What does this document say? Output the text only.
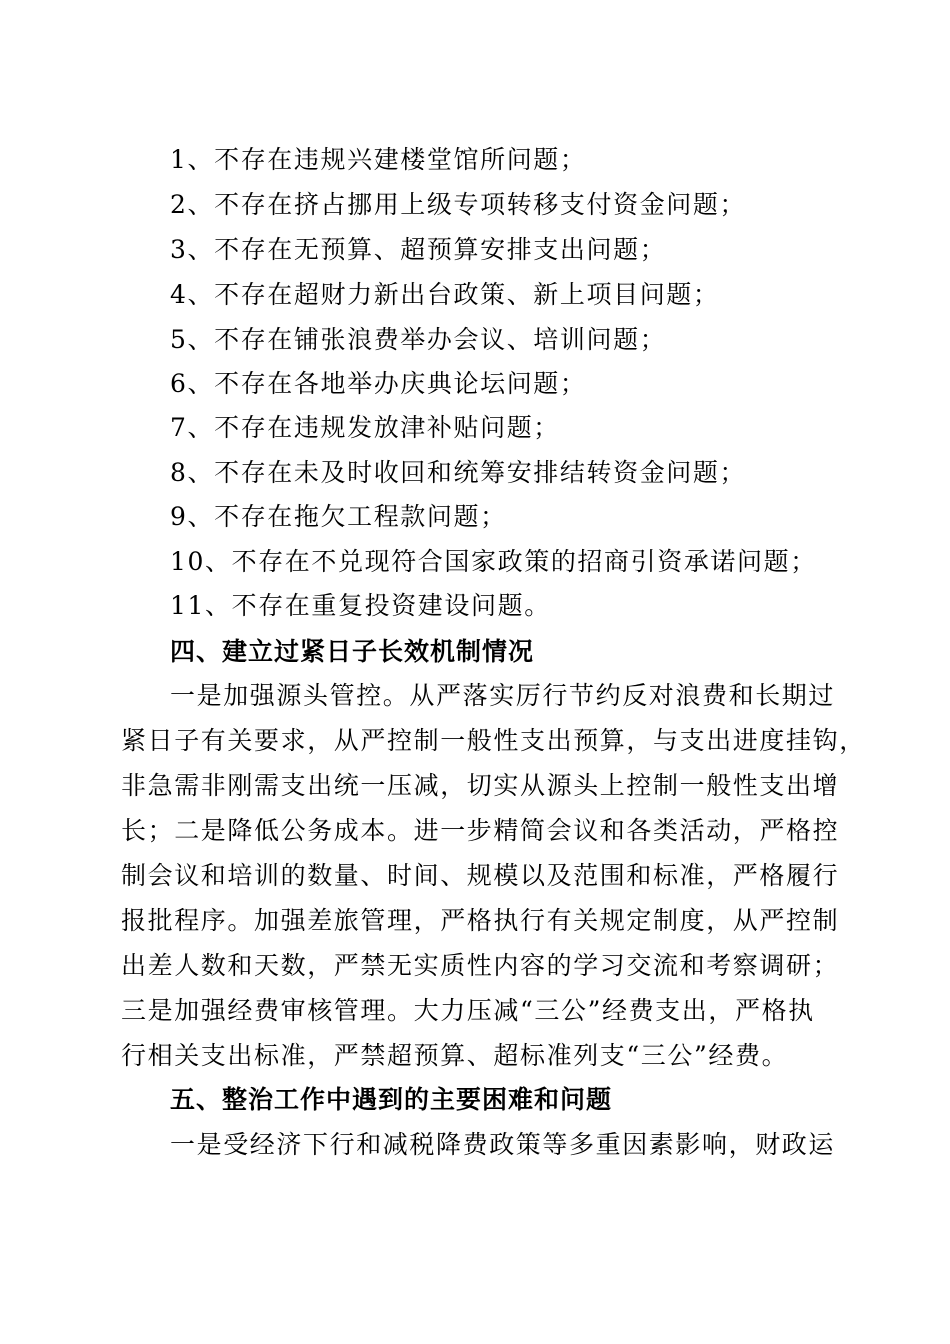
1、不存在违规兴建楼堂馆所问题；
2、不存在挤占挪用上级专项转移支付资金问题；
3、不存在无预算、超预算安排支出问题；
4、不存在超财力新出台政策、新上项目问题；
5、不存在铺张浪费举办会议、培训问题；
6、不存在各地举办庆典论坛问题；
7、不存在违规发放津补贴问题；
8、不存在未及时收回和统筹安排结转资金问题；
9、不存在拖欠工程款问题；
10、不存在不兑现符合国家政策的招商引资承诺问题；
11、不存在重复投资建设问题。
四、建立过紧日子长效机制情况
一是加强源头管控。从严落实厉行节约反对浪费和长期过
紧日子有关要求，从严控制一般性支出预算，与支出进度挂钩，
非急需非刚需支出统一压减，切实从源头上控制一般性支出增
长；二是降低公务成本。进一步精简会议和各类活动，严格控
制会议和培训的数量、时间、规模以及范围和标准，严格履行
报批程序。加强差旅管理，严格执行有关规定制度，从严控制
出差人数和天数，严禁无实质性内容的学习交流和考察调研；
三是加强经费审核管理。大力压减“三公”经费支出，严格执
行相关支出标准，严禁超预算、超标准列支“三公”经费。
五、整治工作中遇到的主要困难和问题
一是受经济下行和减税降费政策等多重因素影响，财政运
